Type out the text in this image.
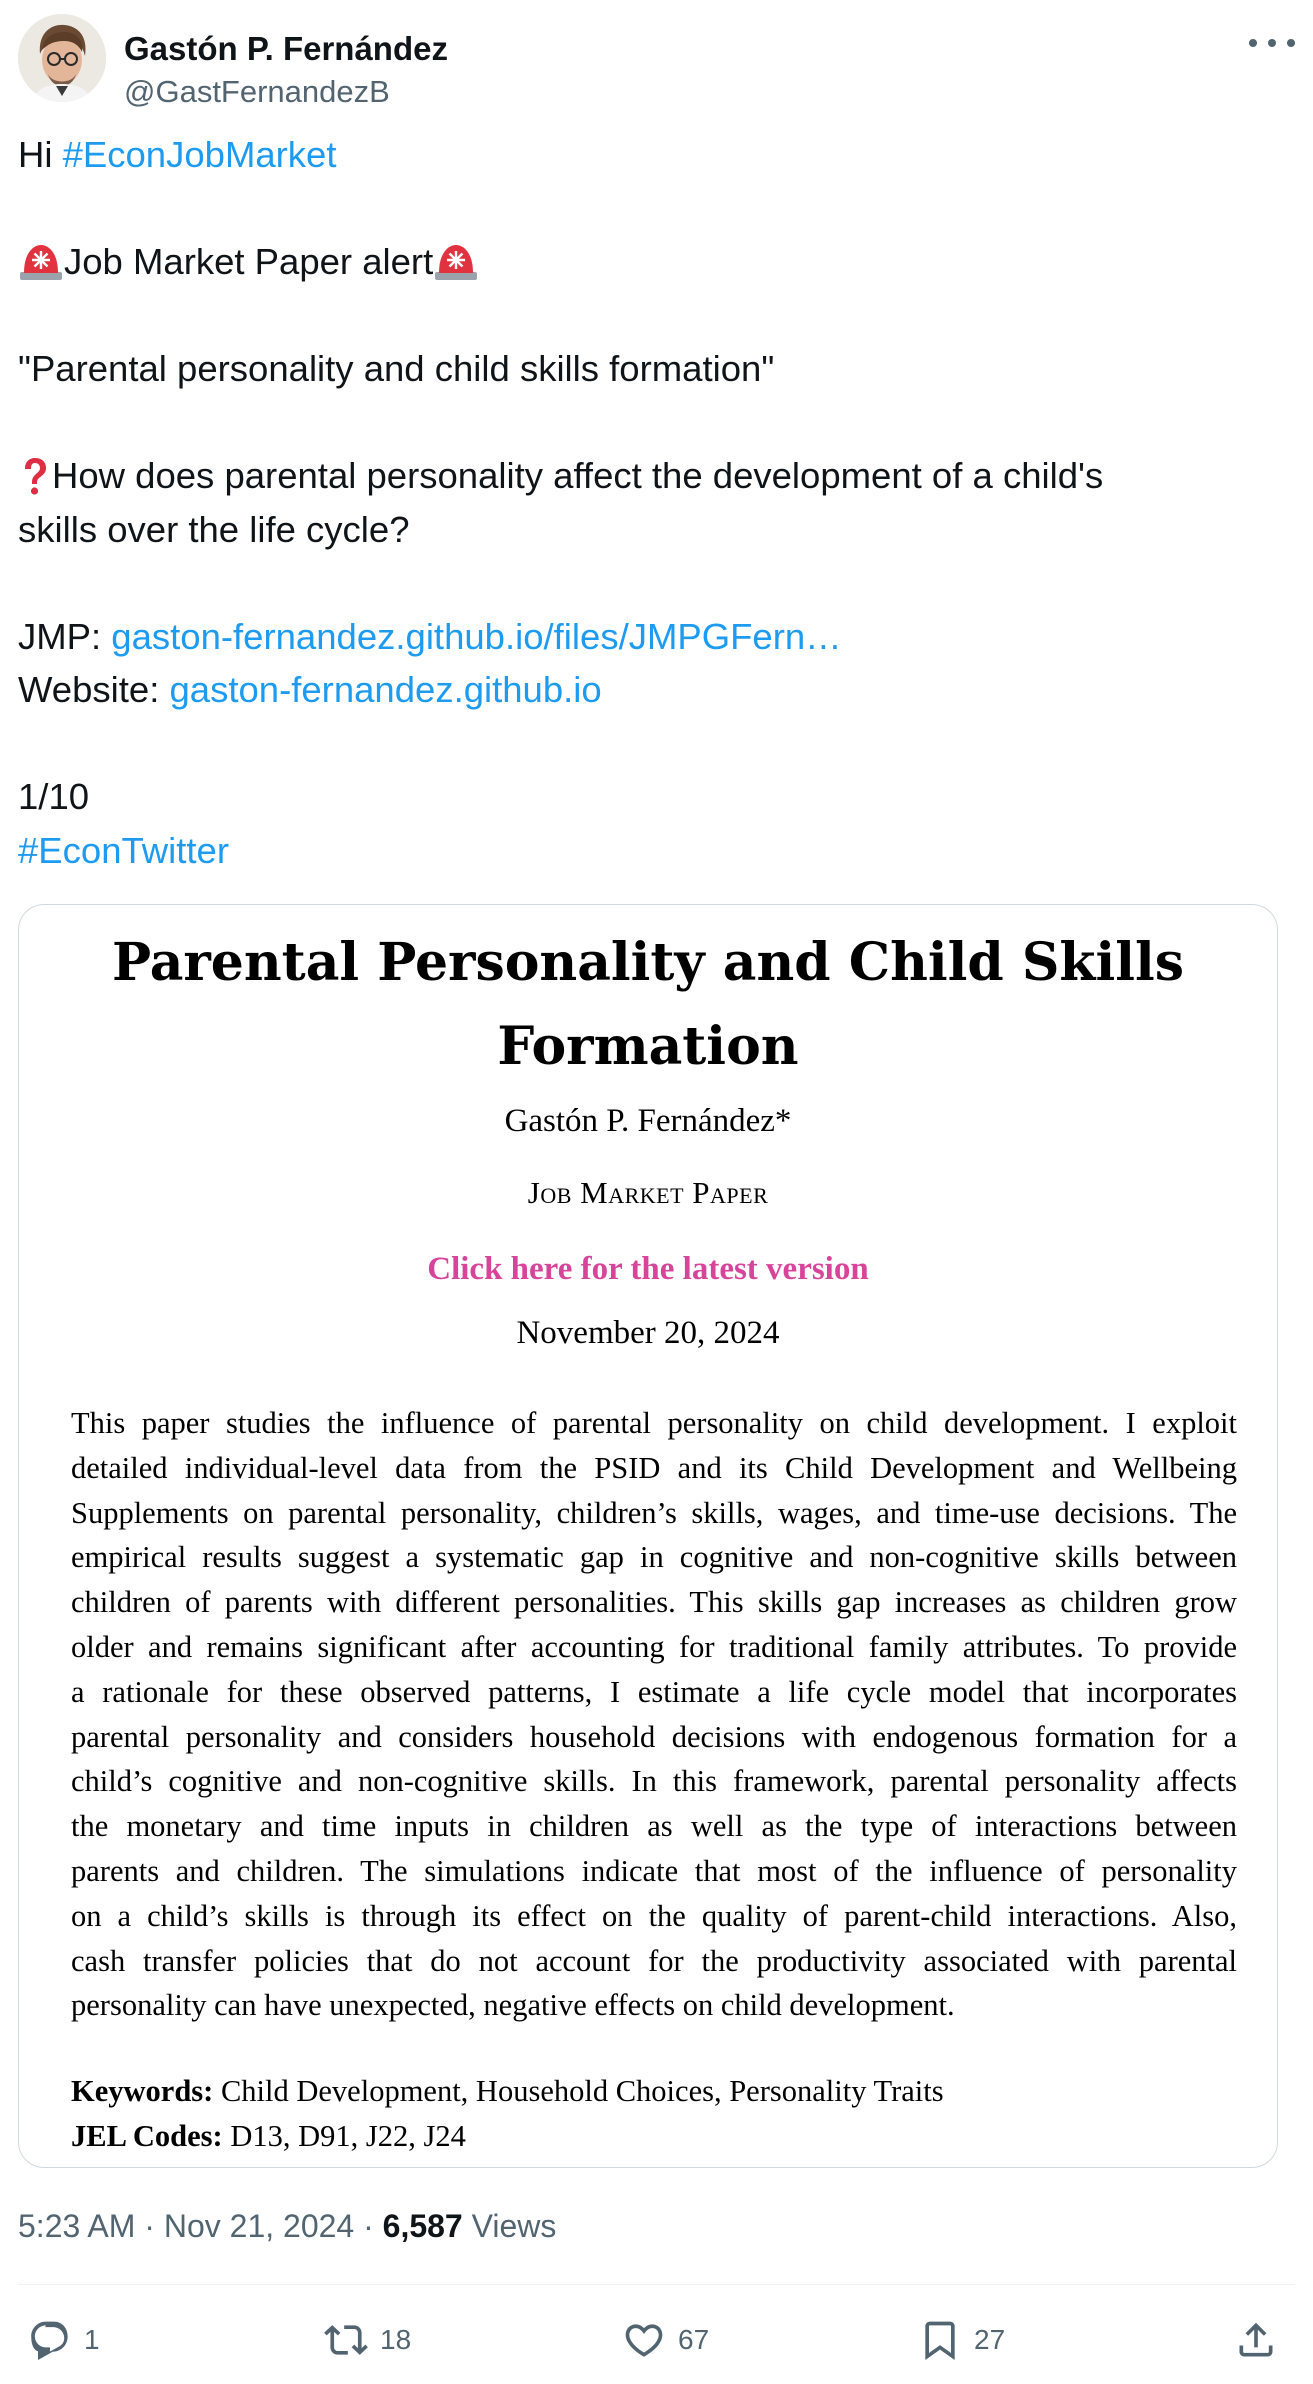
Gastón P. Fernández
@GastFernandezB
Hi #EconJobMarket
Job Market Paper alert
"Parental personality and child skills formation"
How does parental personality affect the development of a child's
skills over the life cycle?
JMP: gaston-fernandez.github.io/files/JMPGFern…
Website: gaston-fernandez.github.io
1/10
#EconTwitter
Parental Personality and Child Skills
Formation
Gastón P. Fernández*
Job Market Paper
Click here for the latest version
November 20, 2024
This paper studies the influence of parental personality on child development. I exploit
detailed individual-level data from the PSID and its Child Development and Wellbeing
Supplements on parental personality, children’s skills, wages, and time-use decisions. The
empirical results suggest a systematic gap in cognitive and non-cognitive skills between
children of parents with different personalities. This skills gap increases as children grow
older and remains significant after accounting for traditional family attributes. To provide
a rationale for these observed patterns, I estimate a life cycle model that incorporates
parental personality and considers household decisions with endogenous formation for a
child’s cognitive and non-cognitive skills. In this framework, parental personality affects
the monetary and time inputs in children as well as the type of interactions between
parents and children. The simulations indicate that most of the influence of personality
on a child’s skills is through its effect on the quality of parent-child interactions. Also,
cash transfer policies that do not account for the productivity associated with parental
personality can have unexpected, negative effects on child development.
Keywords: Child Development, Household Choices, Personality Traits
JEL Codes: D13, D91, J22, J24
5:23 AM · Nov 21, 2024 · 6,587 Views
1	18	67	27
